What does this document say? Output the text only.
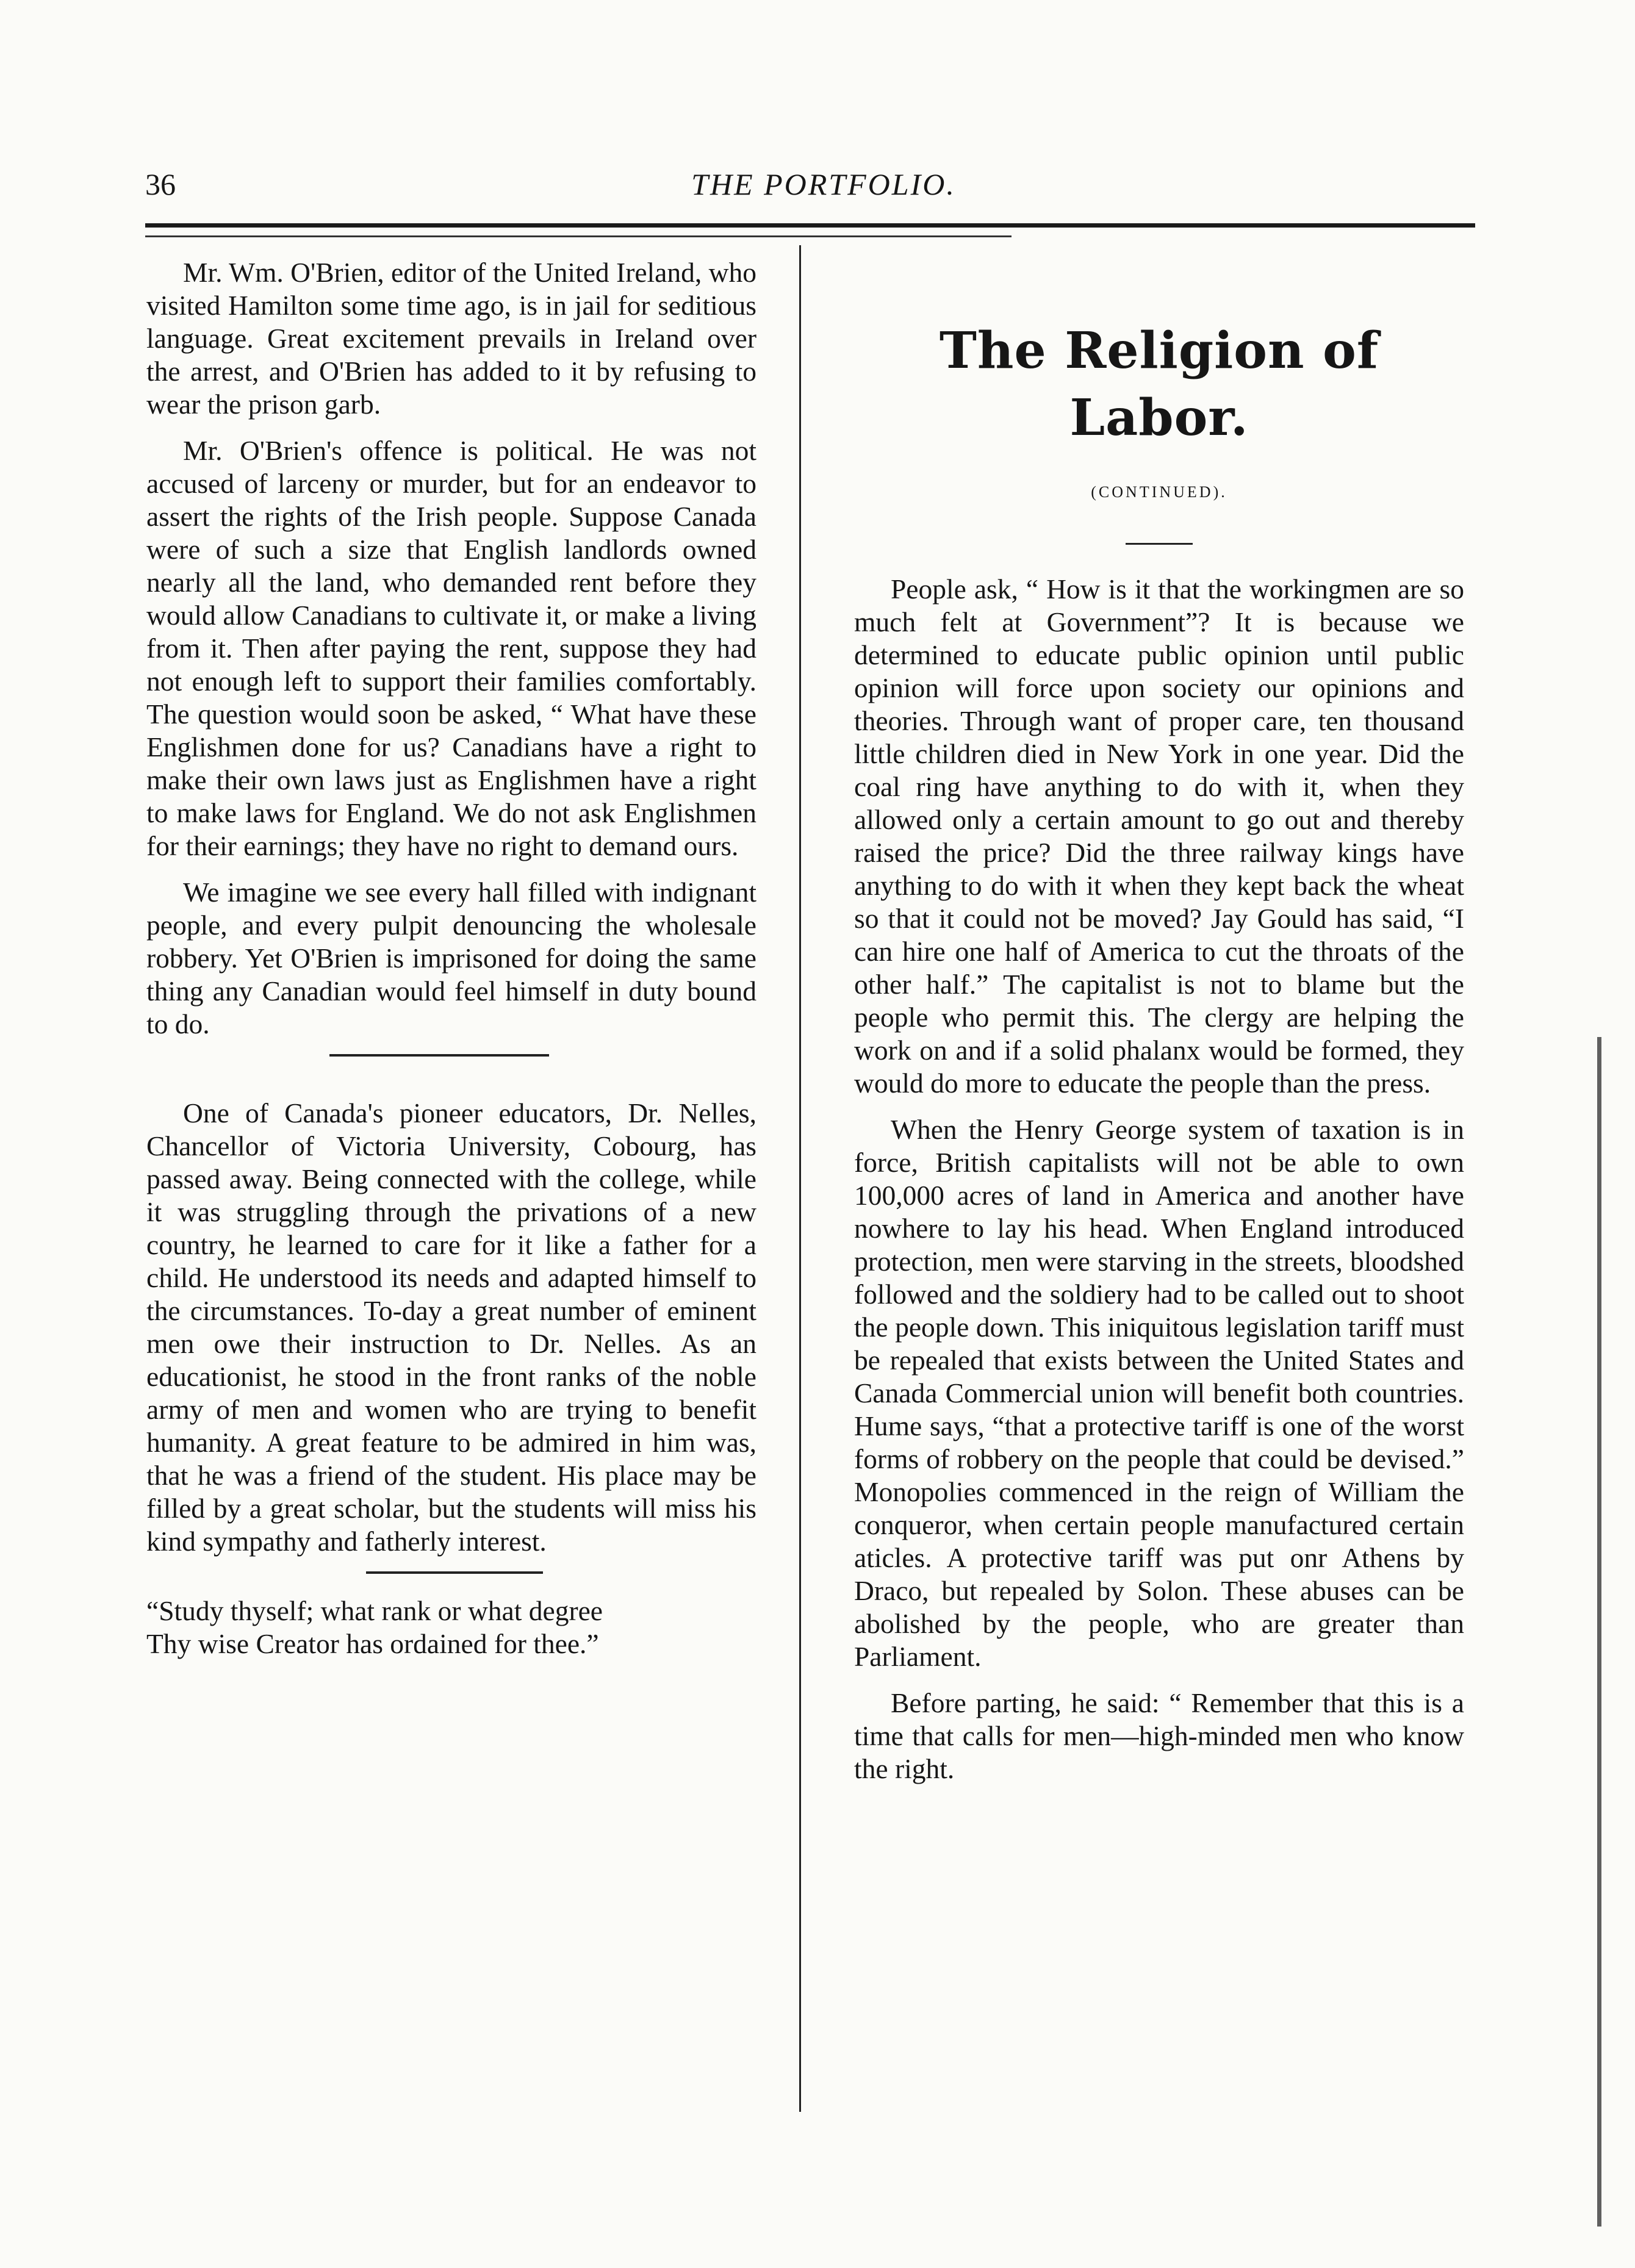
36	THE PORTFOLIO.

Mr. Wm. O'Brien, editor of the United Ireland, who visited Hamilton some time ago, is in jail for seditious language. Great excitement prevails in Ireland over the arrest, and O'Brien has added to it by refusing to wear the prison garb.

Mr. O'Brien's offence is political. He was not accused of larceny or murder, but for an endeavor to assert the rights of the Irish people. Suppose Canada were of such a size that English landlords owned nearly all the land, who demanded rent before they would allow Canadians to cultivate it, or make a living from it. Then after paying the rent, suppose they had not enough left to support their families comfortably. The question would soon be asked, “ What have these Englishmen done for us? Canadians have a right to make their own laws just as Englishmen have a right to make laws for England. We do not ask Englishmen for their earnings; they have no right to demand ours.

We imagine we see every hall filled with indignant people, and every pulpit denouncing the wholesale robbery. Yet O'Brien is imprisoned for doing the same thing any Canadian would feel himself in duty bound to do.

One of Canada's pioneer educators, Dr. Nelles, Chancellor of Victoria University, Cobourg, has passed away. Being connected with the college, while it was struggling through the privations of a new country, he learned to care for it like a father for a child. He understood its needs and adapted himself to the circumstances. To-day a great number of eminent men owe their instruction to Dr. Nelles. As an educationist, he stood in the front ranks of the noble army of men and women who are trying to benefit humanity. A great feature to be admired in him was, that he was a friend of the student. His place may be filled by a great scholar, but the students will miss his kind sympathy and fatherly interest.

“Study thyself; what rank or what degree

Thy wise Creator has ordained for thee.”

The Religion of Labor.
(CONTINUED).

People ask, “ How is it that the workingmen are so much felt at Government”? It is because we determined to educate public opinion until public opinion will force upon society our opinions and theories. Through want of proper care, ten thousand little children died in New York in one year. Did the coal ring have anything to do with it, when they allowed only a certain amount to go out and thereby raised the price? Did the three railway kings have anything to do with it when they kept back the wheat so that it could not be moved? Jay Gould has said, “I can hire one half of America to cut the throats of the other half.” The capitalist is not to blame but the people who permit this. The clergy are helping the work on and if a solid phalanx would be formed, they would do more to educate the people than the press.

When the Henry George system of taxation is in force, British capitalists will not be able to own 100,000 acres of land in America and another have nowhere to lay his head. When England introduced protection, men were starving in the streets, bloodshed followed and the soldiery had to be called out to shoot the people down. This iniquitous legislation tariff must be repealed that exists between the United States and Canada Commercial union will benefit both countries. Hume says, “that a protective tariff is one of the worst forms of robbery on the people that could be devised.” Monopolies commenced in the reign of William the conqueror, when certain people manufactured certain aticles. A protective tariff was put onr Athens by Draco, but repealed by Solon. These abuses can be abolished by the people, who are greater than Parliament.

Before parting, he said: “ Remember that this is a time that calls for men—high-minded men who know the right.
